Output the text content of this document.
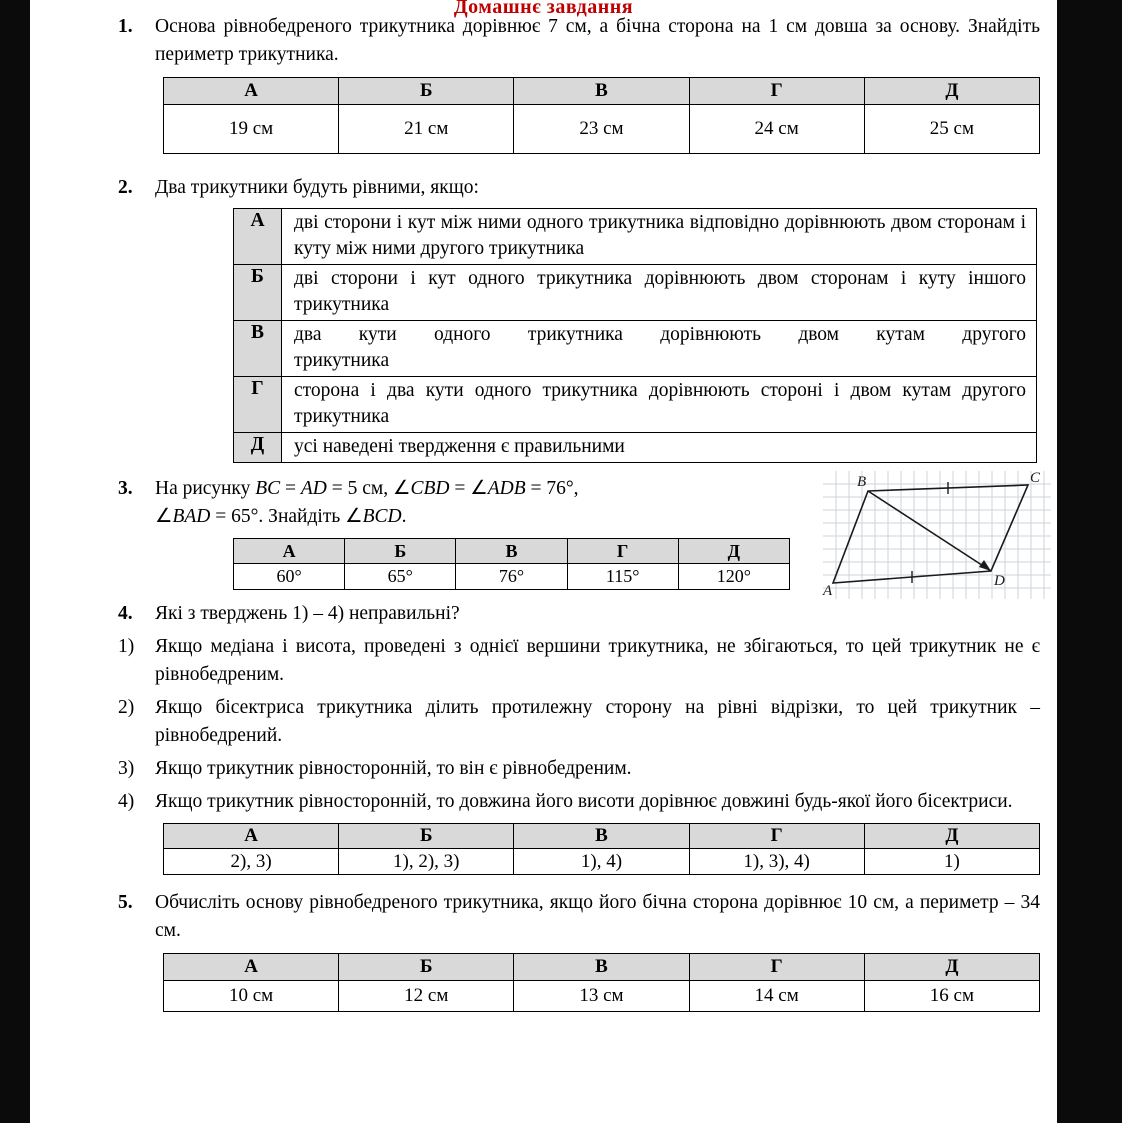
Домашнє завдання
1. Основа рівнобедреного трикутника дорівнює 7 см, а бічна сторона на 1 см довша за основу. Знайдіть периметр трикутника.
А	Б	В	Г	Д
19 см	21 см	23 см	24 см	25 см
2. Два трикутники будуть рівними, якщо:
А	дві сторони і кут між ними одного трикутника відповідно дорівнюють двом сторонам і куту між ними другого трикутника
Б	дві сторони і кут одного трикутника дорівнюють двом сторонам і куту іншого трикутника
В	два кути одного трикутника дорівнюють двом кутам другого трикутника
Г	сторона і два кути одного трикутника дорівнюють стороні і двом кутам другого трикутника
Д	усі наведені твердження є правильними
3. На рисунку BC = AD = 5 см, ∠CBD = ∠ADB = 76°,
∠BAD = 65°. Знайдіть ∠BCD.
А	Б	В	Г	Д
60°	65°	76°	115°	120°
B	C
D
A
4. Які з тверджень 1) – 4) неправильні?
1) Якщо медіана і висота, проведені з однієї вершини трикутника, не збігаються, то цей трикутник не є рівнобедреним.
2) Якщо бісектриса трикутника ділить протилежну сторону на рівні відрізки, то цей трикутник – рівнобедрений.
3) Якщо трикутник рівносторонній, то він є рівнобедреним.
4) Якщо трикутник рівносторонній, то довжина його висоти дорівнює довжині будь-якої його бісектриси.
А	Б	В	Г	Д
2), 3)	1), 2), 3)	1), 4)	1), 3), 4)	1)
5. Обчисліть основу рівнобедреного трикутника, якщо його бічна сторона дорівнює 10 см, а периметр – 34 см.
А	Б	В	Г	Д
10 см	12 см	13 см	14 см	16 см
